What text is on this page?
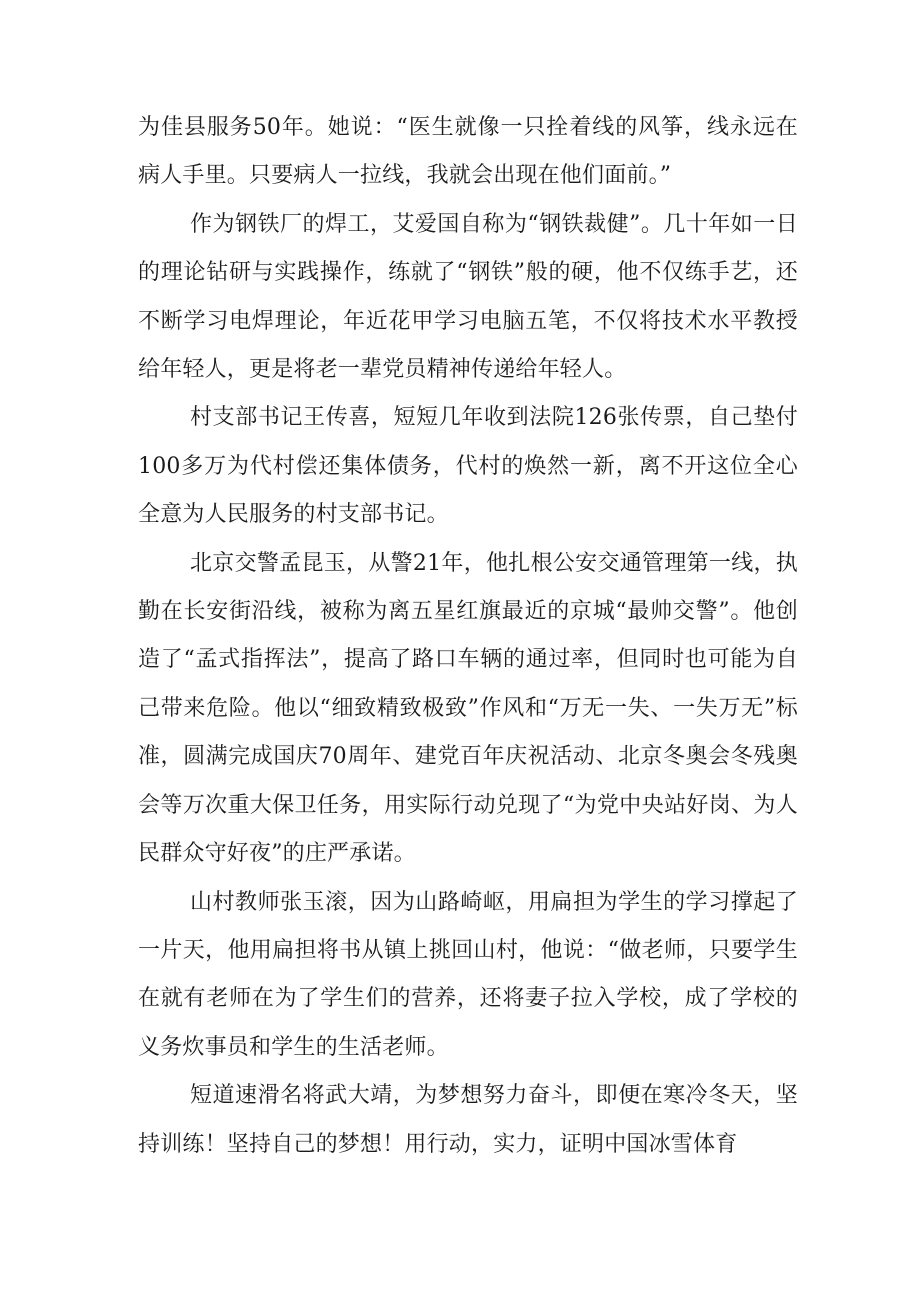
为佳县服务50年。她说：“医生就像一只拴着线的风筝，线永远在病人手里。只要病人一拉线，我就会出现在他们面前。”

作为钢铁厂的焊工，艾爱国自称为“钢铁裁健”。几十年如一日的理论钻研与实践操作，练就了“钢铁”般的硬，他不仅练手艺，还不断学习电焊理论，年近花甲学习电脑五笔，不仅将技术水平教授给年轻人，更是将老一辈党员精神传递给年轻人。

村支部书记王传喜，短短几年收到法院126张传票，自己垫付100多万为代村偿还集体债务，代村的焕然一新，离不开这位全心全意为人民服务的村支部书记。

北京交警孟昆玉，从警21年，他扎根公安交通管理第一线，执勤在长安街沿线，被称为离五星红旗最近的京城“最帅交警”。他创造了“孟式指挥法”，提高了路口车辆的通过率，但同时也可能为自己带来危险。他以“细致精致极致”作风和“万无一失、一失万无”标准，圆满完成国庆70周年、建党百年庆祝活动、北京冬奥会冬残奥会等万次重大保卫任务，用实际行动兑现了“为党中央站好岗、为人民群众守好夜”的庄严承诺。

山村教师张玉滚，因为山路崎岖，用扁担为学生的学习撑起了一片天，他用扁担将书从镇上挑回山村，他说：“做老师，只要学生在就有老师在为了学生们的营养，还将妻子拉入学校，成了学校的义务炊事员和学生的生活老师。

短道速滑名将武大靖，为梦想努力奋斗，即便在寒冷冬天，坚持训练！坚持自己的梦想！用行动，实力，证明中国冰雪体育
